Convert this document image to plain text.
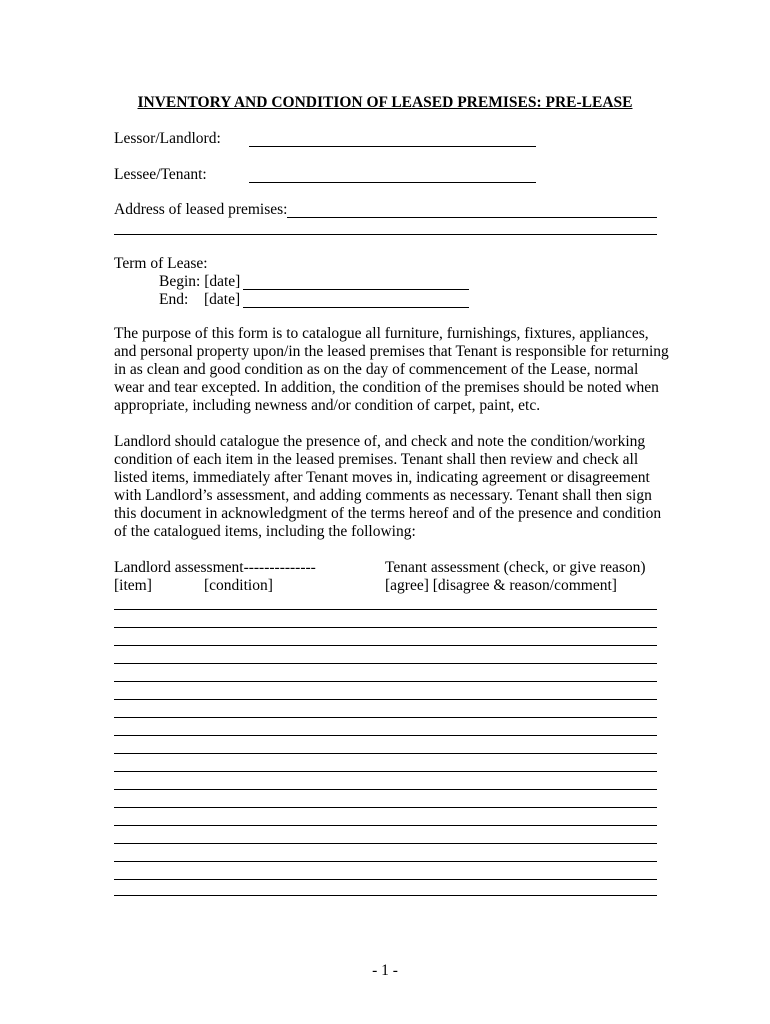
INVENTORY AND CONDITION OF LEASED PREMISES: PRE-LEASE
Lessor/Landlord:
Lessee/Tenant:
Address of leased premises:
Term of Lease:
Begin: [date]
End: [date]
The purpose of this form is to catalogue all furniture, furnishings, fixtures, appliances,
and personal property upon/in the leased premises that Tenant is responsible for returning
in as clean and good condition as on the day of commencement of the Lease, normal
wear and tear excepted. In addition, the condition of the premises should be noted when
appropriate, including newness and/or condition of carpet, paint, etc.
Landlord should catalogue the presence of, and check and note the condition/working
condition of each item in the leased premises. Tenant shall then review and check all
listed items, immediately after Tenant moves in, indicating agreement or disagreement
with Landlord’s assessment, and adding comments as necessary. Tenant shall then sign
this document in acknowledgment of the terms hereof and of the presence and condition
of the catalogued items, including the following:
Landlord assessment--------------	Tenant assessment (check, or give reason)
[item]	[condition]	[agree] [disagree & reason/comment]
- 1 -
